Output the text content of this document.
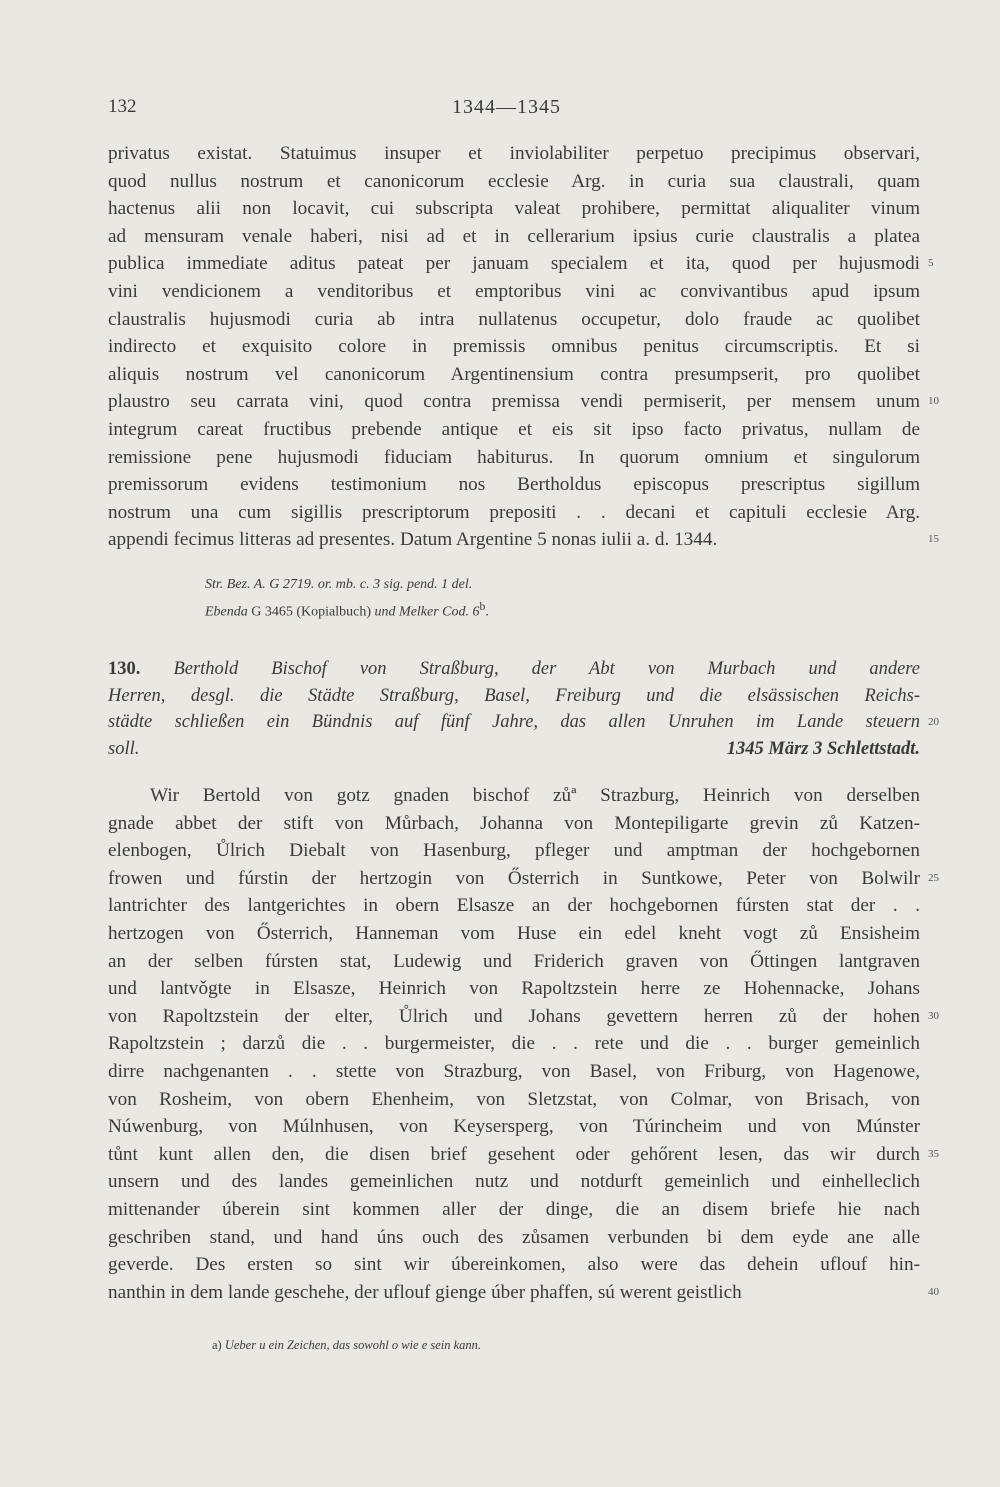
132	1344—1345
privatus existat. Statuimus insuper et inviolabiliter perpetuo precipimus observari,
quod nullus nostrum et canonicorum ecclesie Arg. in curia sua claustrali, quam
hactenus alii non locavit, cui subscripta valeat prohibere, permittat aliqualiter vinum
ad mensuram venale haberi, nisi ad et in cellerarium ipsius curie claustralis a platea
publica immediate aditus pateat per januam specialem et ita, quod per hujusmodi 5
vini vendicionem a venditoribus et emptoribus vini ac convivantibus apud ipsum
claustralis hujusmodi curia ab intra nullatenus occupetur, dolo fraude ac quolibet
indirecto et exquisito colore in premissis omnibus penitus circumscriptis. Et si
aliquis nostrum vel canonicorum Argentinensium contra presumpserit, pro quolibet
plaustro seu carrata vini, quod contra premissa vendi permiserit, per mensem unum 10
integrum careat fructibus prebende antique et eis sit ipso facto privatus, nullam de
remissione pene hujusmodi fiduciam habiturus. In quorum omnium et singulorum
premissorum evidens testimonium nos Bertholdus episcopus prescriptus sigillum
nostrum una cum sigillis prescriptorum prepositi . . decani et capituli ecclesie Arg.
appendi fecimus litteras ad presentes. Datum Argentine 5 nonas iulii a. d. 1344.	15
Str. Bez. A. G 2719. or. mb. c. 3 sig. pend. 1 del.
Ebenda G 3465 (Kopialbuch) und Melker Cod. 6$^b$.
130. Berthold Bischof von Straßburg, der Abt von Murbach und andere
Herren, desgl. die Städte Straßburg, Basel, Freiburg und die elsässischen Reichs-
städte schließen ein Bündnis auf fünf Jahre, das allen Unruhen im Lande steuern 20
soll.	1345 März 3 Schlettstadt.
Wir Bertold von gotz gnaden bischof zůª Strazburg, Heinrich von derselben
gnade abbet der stift von Můrbach, Johanna von Montepiligarte grevin zů Katzen-
elenbogen, Ůlrich Diebalt von Hasenburg, pfleger und amptman der hochgebornen
frowen und fúrstin der hertzogin von Ősterrich in Suntkowe, Peter von Bolwilr 25
lantrichter des lantgerichtes in obern Elsasze an der hochgebornen fúrsten stat der . .
hertzogen von Ősterrich, Hanneman vom Huse ein edel kneht vogt zů Ensisheim
an der selben fúrsten stat, Ludewig und Friderich graven von Őttingen lantgraven
und lantvǒgte in Elsasze, Heinrich von Rapoltzstein herre ze Hohennacke, Johans
von Rapoltzstein der elter, Ůlrich und Johans gevettern herren zů der hohen 30
Rapoltzstein ; darzů die . . burgermeister, die . . rete und die . . burger gemeinlich
dirre nachgenanten . . stette von Strazburg, von Basel, von Friburg, von Hagenowe,
von Rosheim, von obern Ehenheim, von Sletzstat, von Colmar, von Brisach, von
Núwenburg, von Múlnhusen, von Keysersperg, von Túrincheim und von Múnster
tůnt kunt allen den, die disen brief gesehent oder gehőrent lesen, das wir durch 35
unsern und des landes gemeinlichen nutz und notdurft gemeinlich und einhelleclich
mittenander úberein sint kommen aller der dinge, die an disem briefe hie nach
geschriben stand, und hand úns ouch des zůsamen verbunden bi dem eyde ane alle
geverde. Des ersten so sint wir úbereinkomen, also were das dehein uflouf hin-
nanthin in dem lande geschehe, der uflouf gienge úber phaffen, sú werent geistlich	40
a) Ueber u ein Zeichen, das sowohl o wie e sein kann.
